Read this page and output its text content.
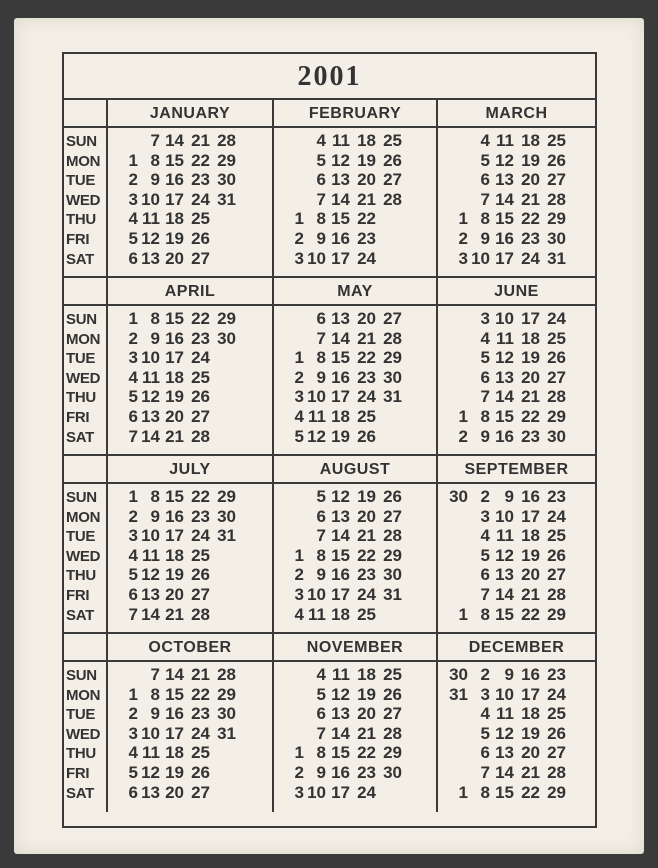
2001
SUN
MON
TUE
WED
THU
FRI
SAT
JANUARY
1
2
3
4
5
6
7
8
9
10
11
12
13
14
15
16
17
18
19
20
21
22
23
24
25
26
27
28
29
30
31
FEBRUARY
1
2
3
4
5
6
7
8
9
10
11
12
13
14
15
16
17
18
19
20
21
22
23
24
25
26
27
28
MARCH
1
2
3
4
5
6
7
8
9
10
11
12
13
14
15
16
17
18
19
20
21
22
23
24
25
26
27
28
29
30
31
SUN
MON
TUE
WED
THU
FRI
SAT
APRIL
1
2
3
4
5
6
7
8
9
10
11
12
13
14
15
16
17
18
19
20
21
22
23
24
25
26
27
28
29
30
MAY
1
2
3
4
5
6
7
8
9
10
11
12
13
14
15
16
17
18
19
20
21
22
23
24
25
26
27
28
29
30
31
JUNE
1
2
3
4
5
6
7
8
9
10
11
12
13
14
15
16
17
18
19
20
21
22
23
24
25
26
27
28
29
30
SUN
MON
TUE
WED
THU
FRI
SAT
JULY
1
2
3
4
5
6
7
8
9
10
11
12
13
14
15
16
17
18
19
20
21
22
23
24
25
26
27
28
29
30
31
AUGUST
1
2
3
4
5
6
7
8
9
10
11
12
13
14
15
16
17
18
19
20
21
22
23
24
25
26
27
28
29
30
31
SEPTEMBER
30
1
2
3
4
5
6
7
8
9
10
11
12
13
14
15
16
17
18
19
20
21
22
23
24
25
26
27
28
29
SUN
MON
TUE
WED
THU
FRI
SAT
OCTOBER
1
2
3
4
5
6
7
8
9
10
11
12
13
14
15
16
17
18
19
20
21
22
23
24
25
26
27
28
29
30
31
NOVEMBER
1
2
3
4
5
6
7
8
9
10
11
12
13
14
15
16
17
18
19
20
21
22
23
24
25
26
27
28
29
30
DECEMBER
30
31
1
2
3
4
5
6
7
8
9
10
11
12
13
14
15
16
17
18
19
20
21
22
23
24
25
26
27
28
29
